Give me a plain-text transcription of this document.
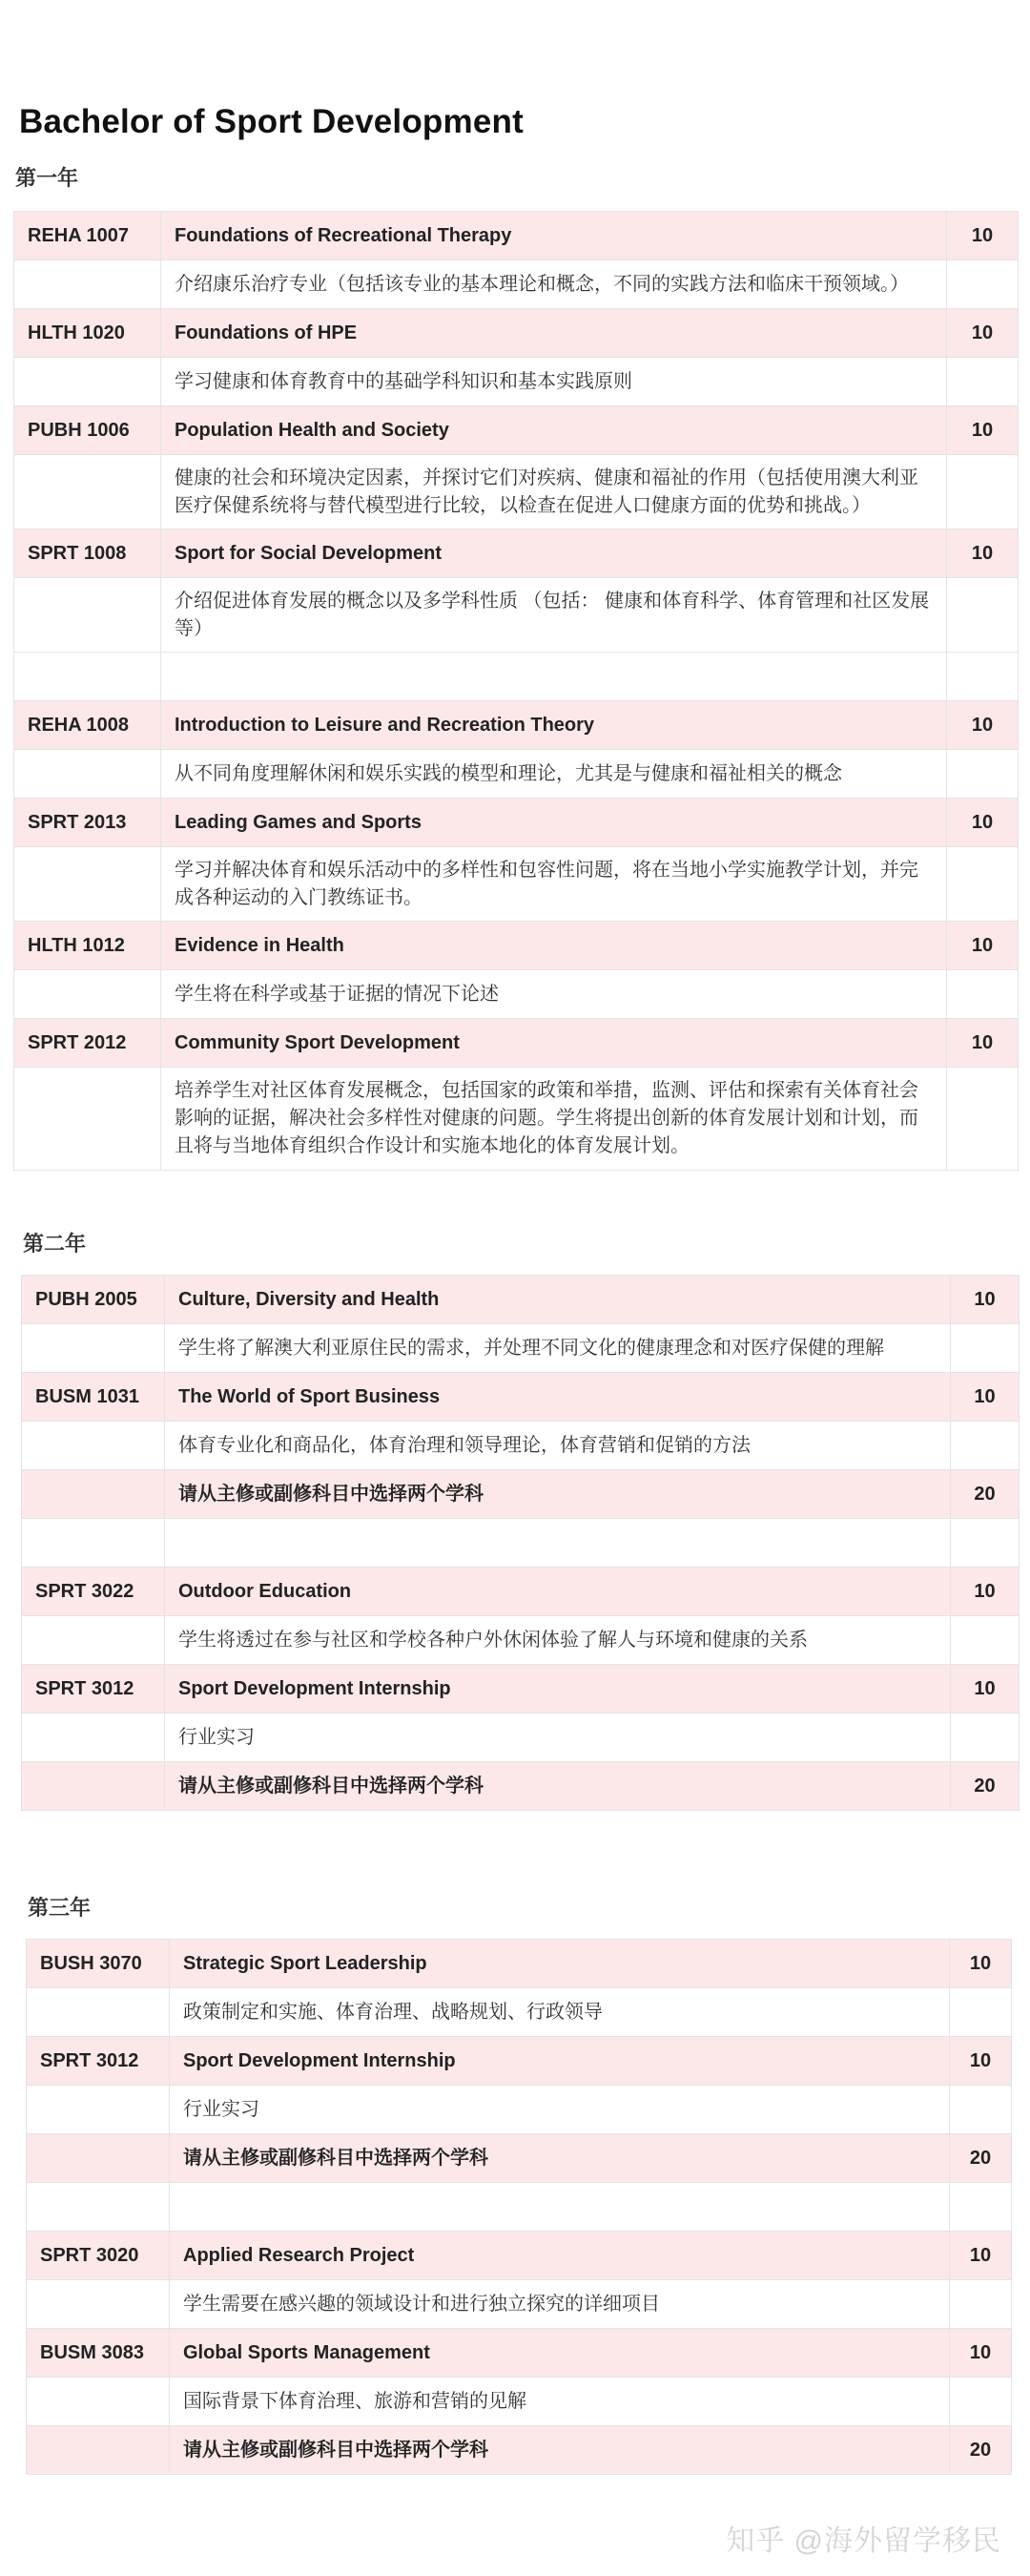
Bachelor of Sport Development
第一年
REHA 1007	Foundations of Recreational Therapy	10
	介绍康乐治疗专业（包括该专业的基本理论和概念，不同的实践方法和临床干预领域。）	
HLTH 1020	Foundations of HPE	10
	学习健康和体育教育中的基础学科知识和基本实践原则	
PUBH 1006	Population Health and Society	10
	健康的社会和环境决定因素，并探讨它们对疾病、健康和福祉的作用（包括使用澳大利亚医疗保健系统将与替代模型进行比较，以检查在促进人口健康方面的优势和挑战。）	
SPRT 1008	Sport for Social Development	10
	介绍促进体育发展的概念以及多学科性质 （包括： 健康和体育科学、体育管理和社区发展等）	

REHA 1008	Introduction to Leisure and Recreation Theory	10
	从不同角度理解休闲和娱乐实践的模型和理论，尤其是与健康和福祉相关的概念	
SPRT 2013	Leading Games and Sports	10
	学习并解决体育和娱乐活动中的多样性和包容性问题，将在当地小学实施教学计划，并完成各种运动的入门教练证书。	
HLTH 1012	Evidence in Health	10
	学生将在科学或基于证据的情况下论述	
SPRT 2012	Community Sport Development	10
	培养学生对社区体育发展概念，包括国家的政策和举措，监测、评估和探索有关体育社会影响的证据，解决社会多样性对健康的问题。学生将提出创新的体育发展计划和计划，而且将与当地体育组织合作设计和实施本地化的体育发展计划。	
第二年
PUBH 2005	Culture, Diversity and Health	10
	学生将了解澳大利亚原住民的需求，并处理不同文化的健康理念和对医疗保健的理解	
BUSM 1031	The World of Sport Business	10
	体育专业化和商品化，体育治理和领导理论，体育营销和促销的方法	
	请从主修或副修科目中选择两个学科	20

SPRT 3022	Outdoor Education	10
	学生将透过在参与社区和学校各种户外休闲体验了解人与环境和健康的关系	
SPRT 3012	Sport Development Internship	10
	行业实习	
	请从主修或副修科目中选择两个学科	20
第三年
BUSH 3070	Strategic Sport Leadership	10
	政策制定和实施、体育治理、战略规划、行政领导	
SPRT 3012	Sport Development Internship	10
	行业实习	
	请从主修或副修科目中选择两个学科	20

SPRT 3020	Applied Research Project	10
	学生需要在感兴趣的领域设计和进行独立探究的详细项目	
BUSM 3083	Global Sports Management	10
	国际背景下体育治理、旅游和营销的见解	
	请从主修或副修科目中选择两个学科	20
知乎 @海外留学移民
